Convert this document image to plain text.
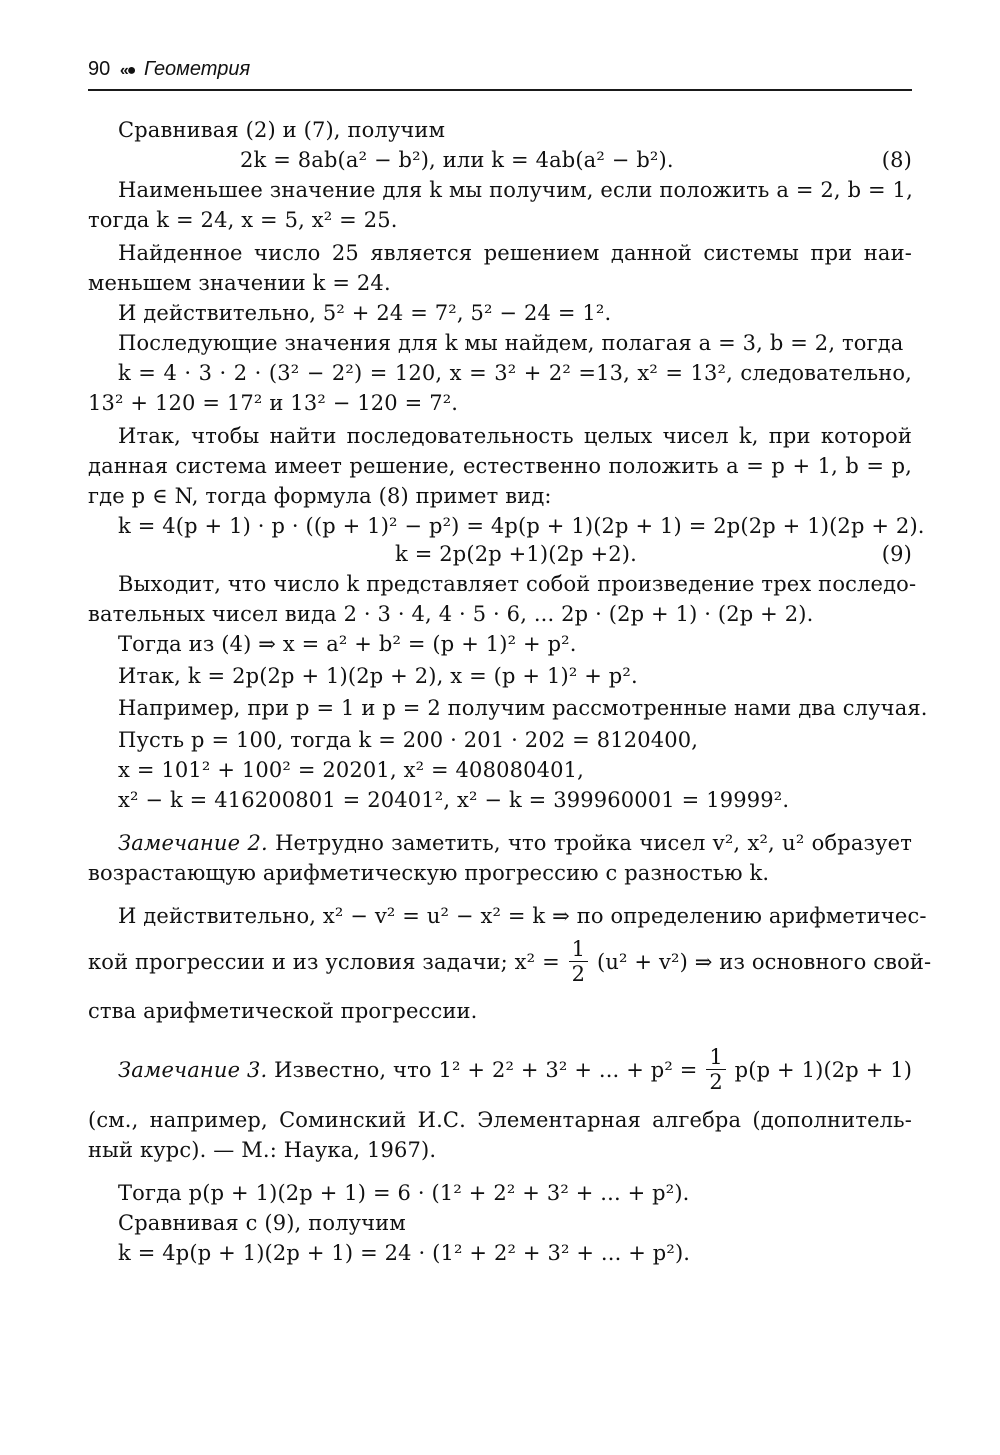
90 «● Геометрия
Сравнивая (2) и (7), получим
2k = 8ab(a² − b²), или k = 4ab(a² − b²).	(8)
Наименьшее значение для k мы получим, если положить a = 2, b = 1,
тогда k = 24, x = 5, x² = 25.
Найденное число 25 является решением данной системы при наи-
меньшем значении k = 24.
И действительно, 5² + 24 = 7², 5² − 24 = 1².
Последующие значения для k мы найдем, полагая a = 3, b = 2, тогда
k = 4 · 3 · 2 · (3² − 2²) = 120, x = 3² + 2² =13, x² = 13², следовательно,
13² + 120 = 17² и 13² − 120 = 7².
Итак, чтобы найти последовательность целых чисел k, при которой
данная система имеет решение, естественно положить a = p + 1, b = p,
где p ∈ N, тогда формула (8) примет вид:
k = 4(p + 1) · p · ((p + 1)² − p²) = 4p(p + 1)(2p + 1) = 2p(2p + 1)(2p + 2).
k = 2p(2p +1)(2p +2).	(9)
Выходит, что число k представляет собой произведение трех последо-
вательных чисел вида 2 · 3 · 4, 4 · 5 · 6, ... 2p · (2p + 1) · (2p + 2).
Тогда из (4) ⇒ x = a² + b² = (p + 1)² + p².
Итак, k = 2p(2p + 1)(2p + 2), x = (p + 1)² + p².
Например, при p = 1 и p = 2 получим рассмотренные нами два случая.
Пусть p = 100, тогда k = 200 · 201 · 202 = 8120400,
x = 101² + 100² = 20201, x² = 408080401,
x² − k = 416200801 = 20401², x² − k = 399960001 = 19999².
Замечание 2. Нетрудно заметить, что тройка чисел v², x², u² образует
возрастающую арифметическую прогрессию с разностью k.
И действительно, x² − v² = u² − x² = k ⇒ по определению арифметичес-
кой прогрессии и из условия задачи; $x^2 = \frac{1}{2} (u^2 + v^2)$ ⇒ из основного свой-
ства арифметической прогрессии.
Замечание 3. Известно, что 1² + 2² + 3² + ... + $p^2 = \frac{1}{2} p(p + 1)(2p + 1)$
(см., например, Соминский И.С. Элементарная алгебра (дополнитель-
ный курс). — М.: Наука, 1967).
Тогда p(p + 1)(2p + 1) = 6 · (1² + 2² + 3² + ... + p²).
Сравнивая с (9), получим
k = 4p(p + 1)(2p + 1) = 24 · (1² + 2² + 3² + ... + p²).
